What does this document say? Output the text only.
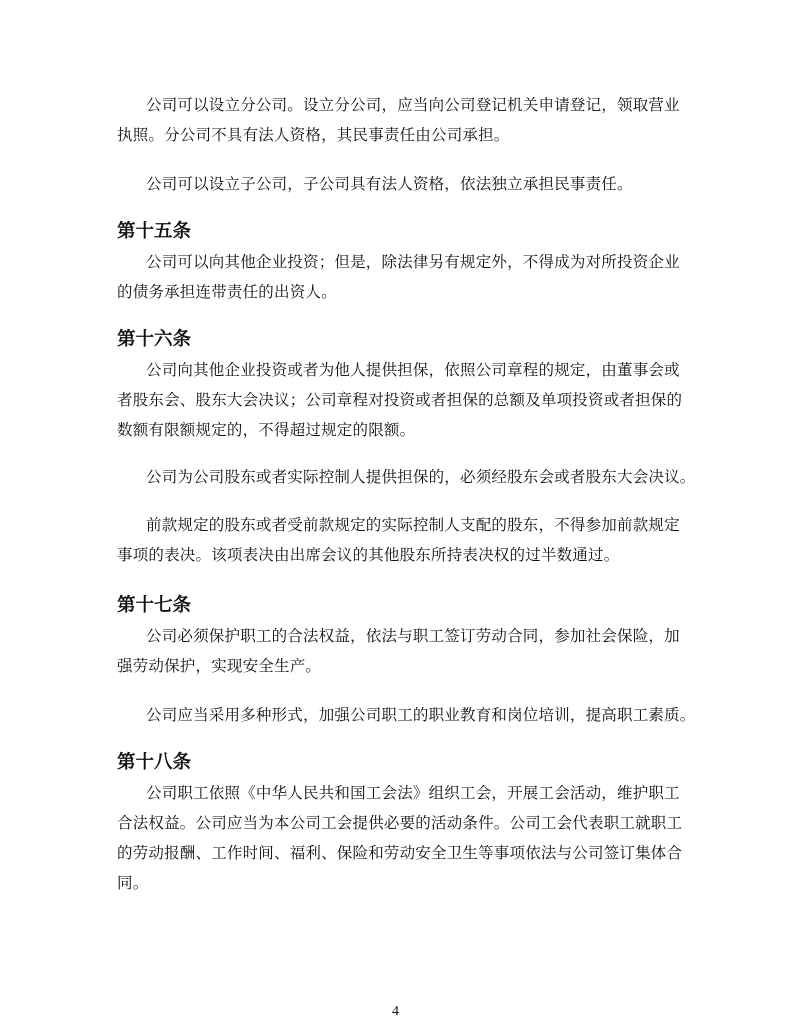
公司可以设立分公司。设立分公司，应当向公司登记机关申请登记，领取营业
执照。分公司不具有法人资格，其民事责任由公司承担。
公司可以设立子公司，子公司具有法人资格，依法独立承担民事责任。
第十五条
公司可以向其他企业投资；但是，除法律另有规定外，不得成为对所投资企业
的债务承担连带责任的出资人。
第十六条
公司向其他企业投资或者为他人提供担保，依照公司章程的规定，由董事会或
者股东会、股东大会决议；公司章程对投资或者担保的总额及单项投资或者担保的
数额有限额规定的，不得超过规定的限额。
公司为公司股东或者实际控制人提供担保的，必须经股东会或者股东大会决议。
前款规定的股东或者受前款规定的实际控制人支配的股东，不得参加前款规定
事项的表决。该项表决由出席会议的其他股东所持表决权的过半数通过。
第十七条
公司必须保护职工的合法权益，依法与职工签订劳动合同，参加社会保险，加
强劳动保护，实现安全生产。
公司应当采用多种形式，加强公司职工的职业教育和岗位培训，提高职工素质。
第十八条
公司职工依照《中华人民共和国工会法》组织工会，开展工会活动，维护职工
合法权益。公司应当为本公司工会提供必要的活动条件。公司工会代表职工就职工
的劳动报酬、工作时间、福利、保险和劳动安全卫生等事项依法与公司签订集体合
同。
4
